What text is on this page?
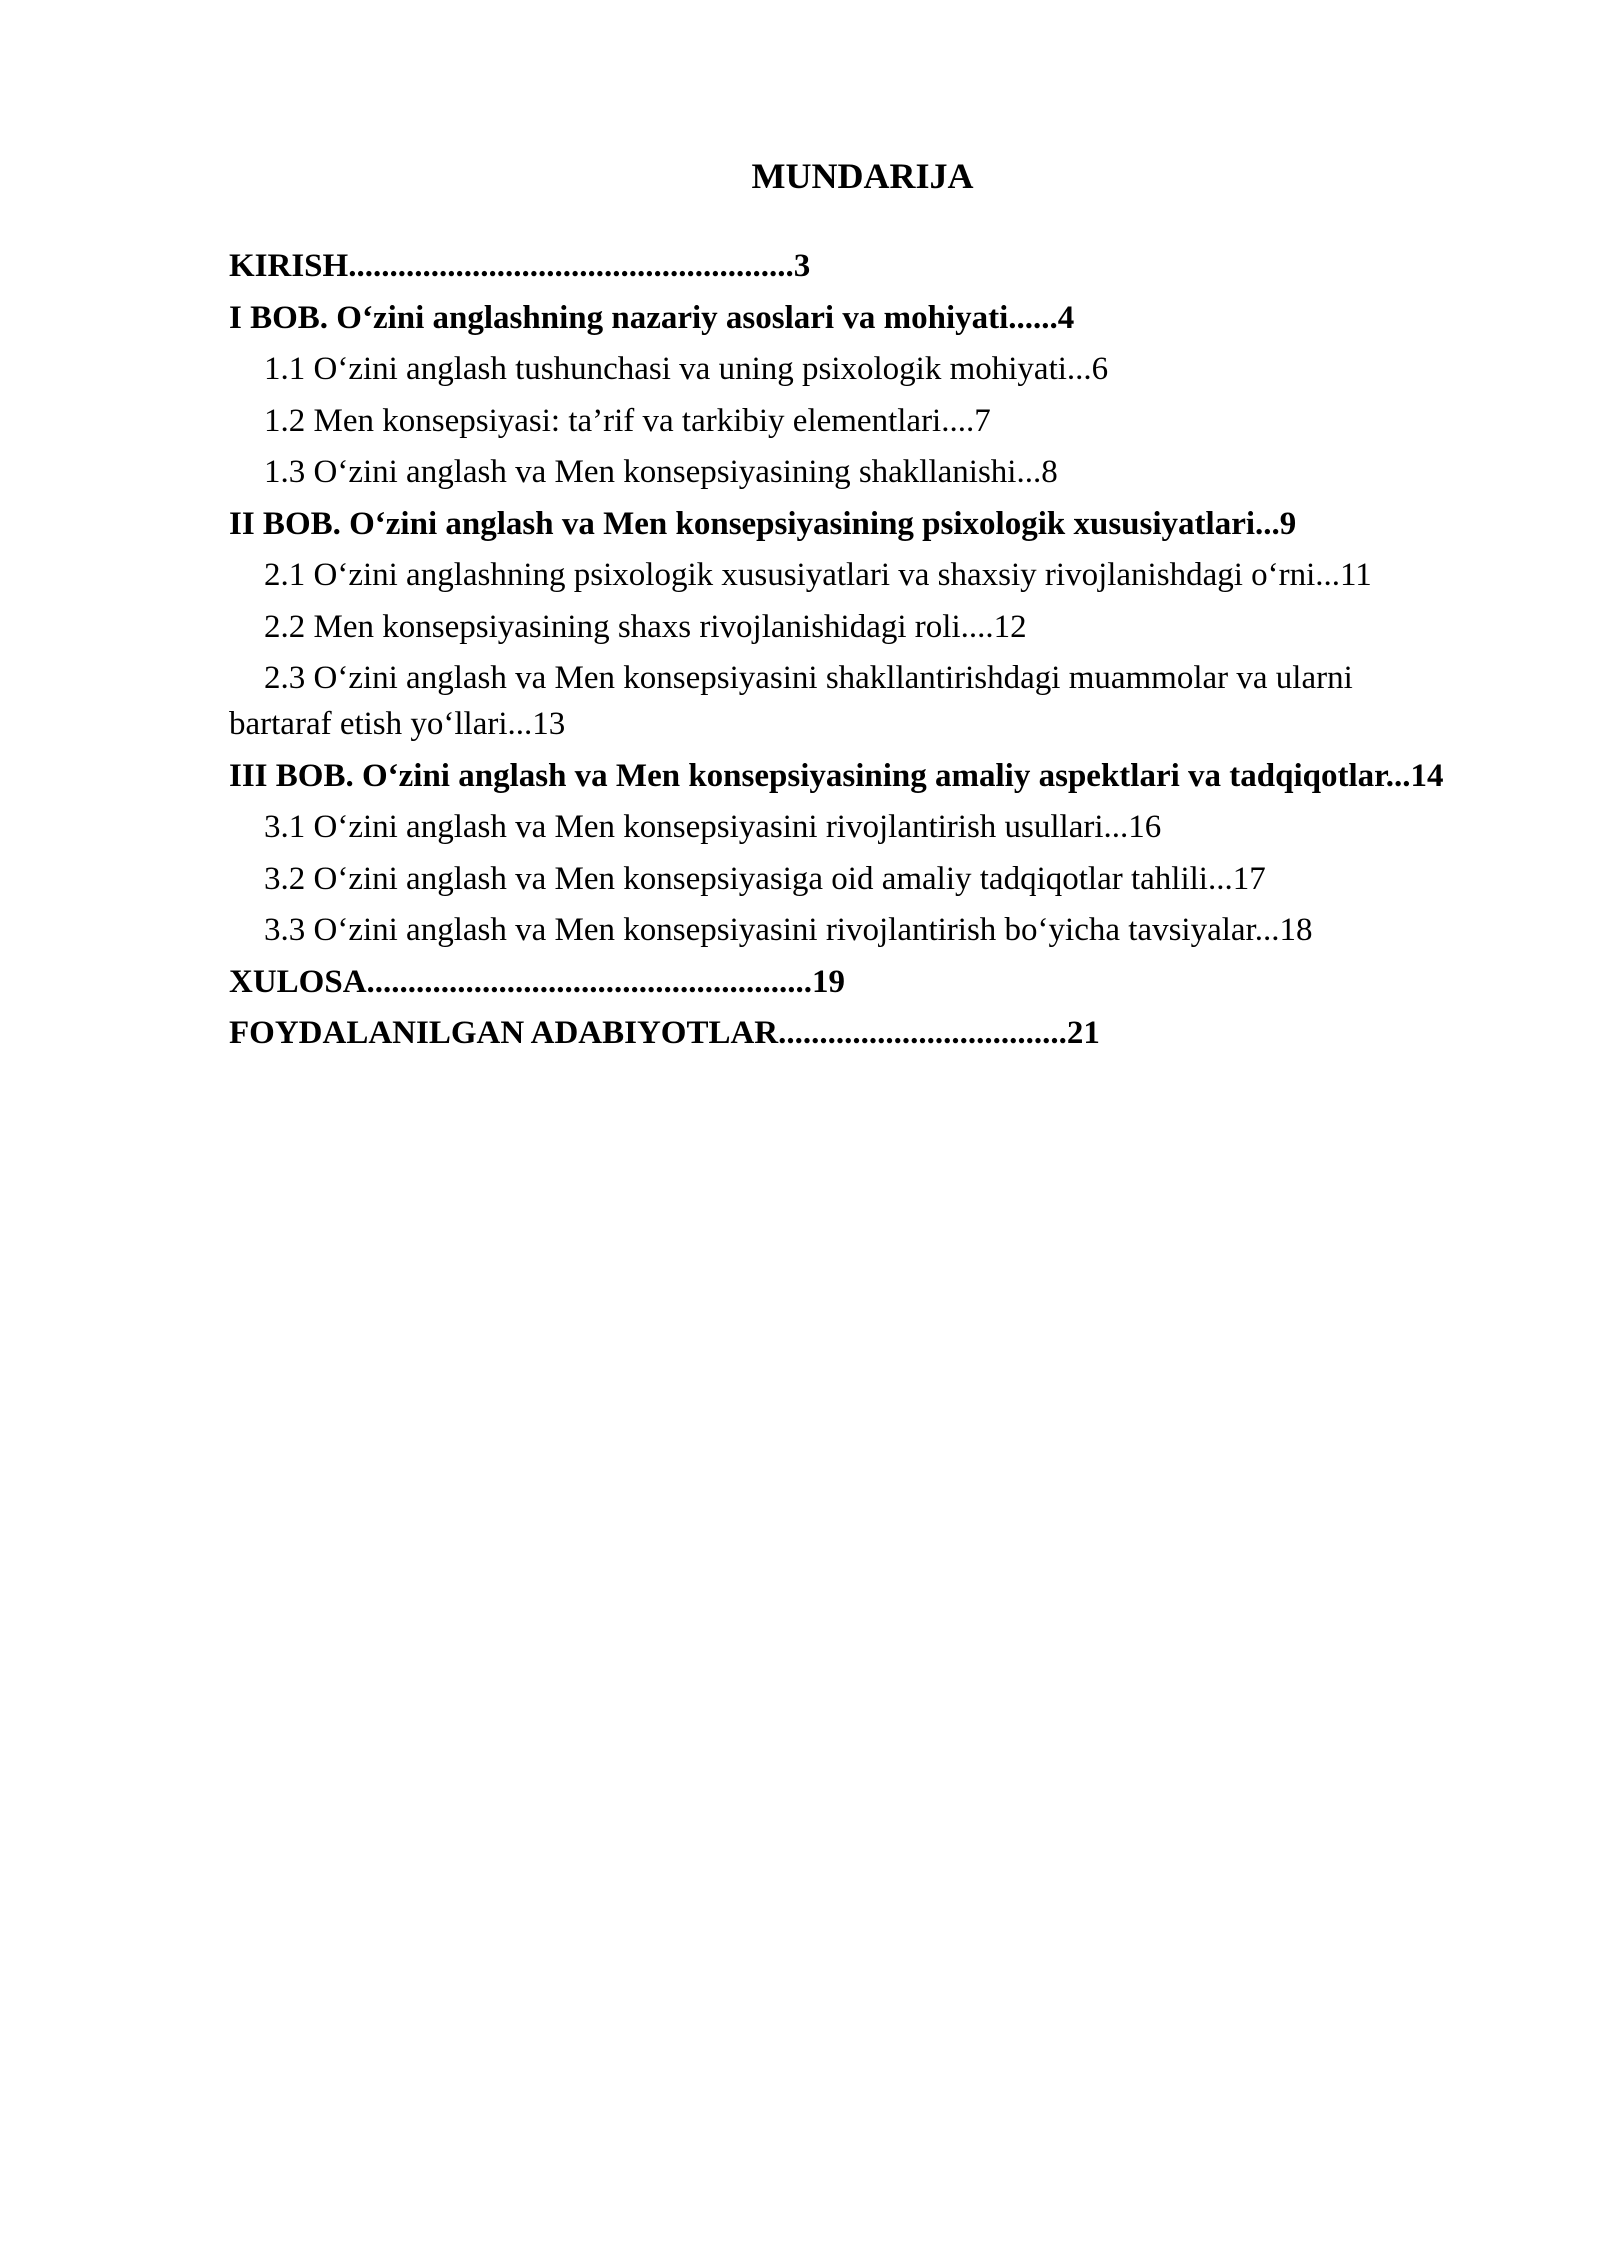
MUNDARIJA
KIRISH......................................................3
I BOB. O‘zini anglashning nazariy asoslari va mohiyati......4
1.1 O‘zini anglash tushunchasi va uning psixologik mohiyati...6
1.2 Men konsepsiyasi: ta’rif va tarkibiy elementlari....7
1.3 O‘zini anglash va Men konsepsiyasining shakllanishi...8
II BOB. O‘zini anglash va Men konsepsiyasining psixologik xususiyatlari...9
2.1 O‘zini anglashning psixologik xususiyatlari va shaxsiy rivojlanishdagi o‘rni...11
2.2 Men konsepsiyasining shaxs rivojlanishidagi roli....12
2.3 O‘zini anglash va Men konsepsiyasini shakllantirishdagi muammolar va ularni bartaraf etish yo‘llari...13
III BOB. O‘zini anglash va Men konsepsiyasining amaliy aspektlari va tadqiqotlar...14
3.1 O‘zini anglash va Men konsepsiyasini rivojlantirish usullari...16
3.2 O‘zini anglash va Men konsepsiyasiga oid amaliy tadqiqotlar tahlili...17
3.3 O‘zini anglash va Men konsepsiyasini rivojlantirish bo‘yicha tavsiyalar...18
XULOSA......................................................19
FOYDALANILGAN ADABIYOTLAR...................................21
